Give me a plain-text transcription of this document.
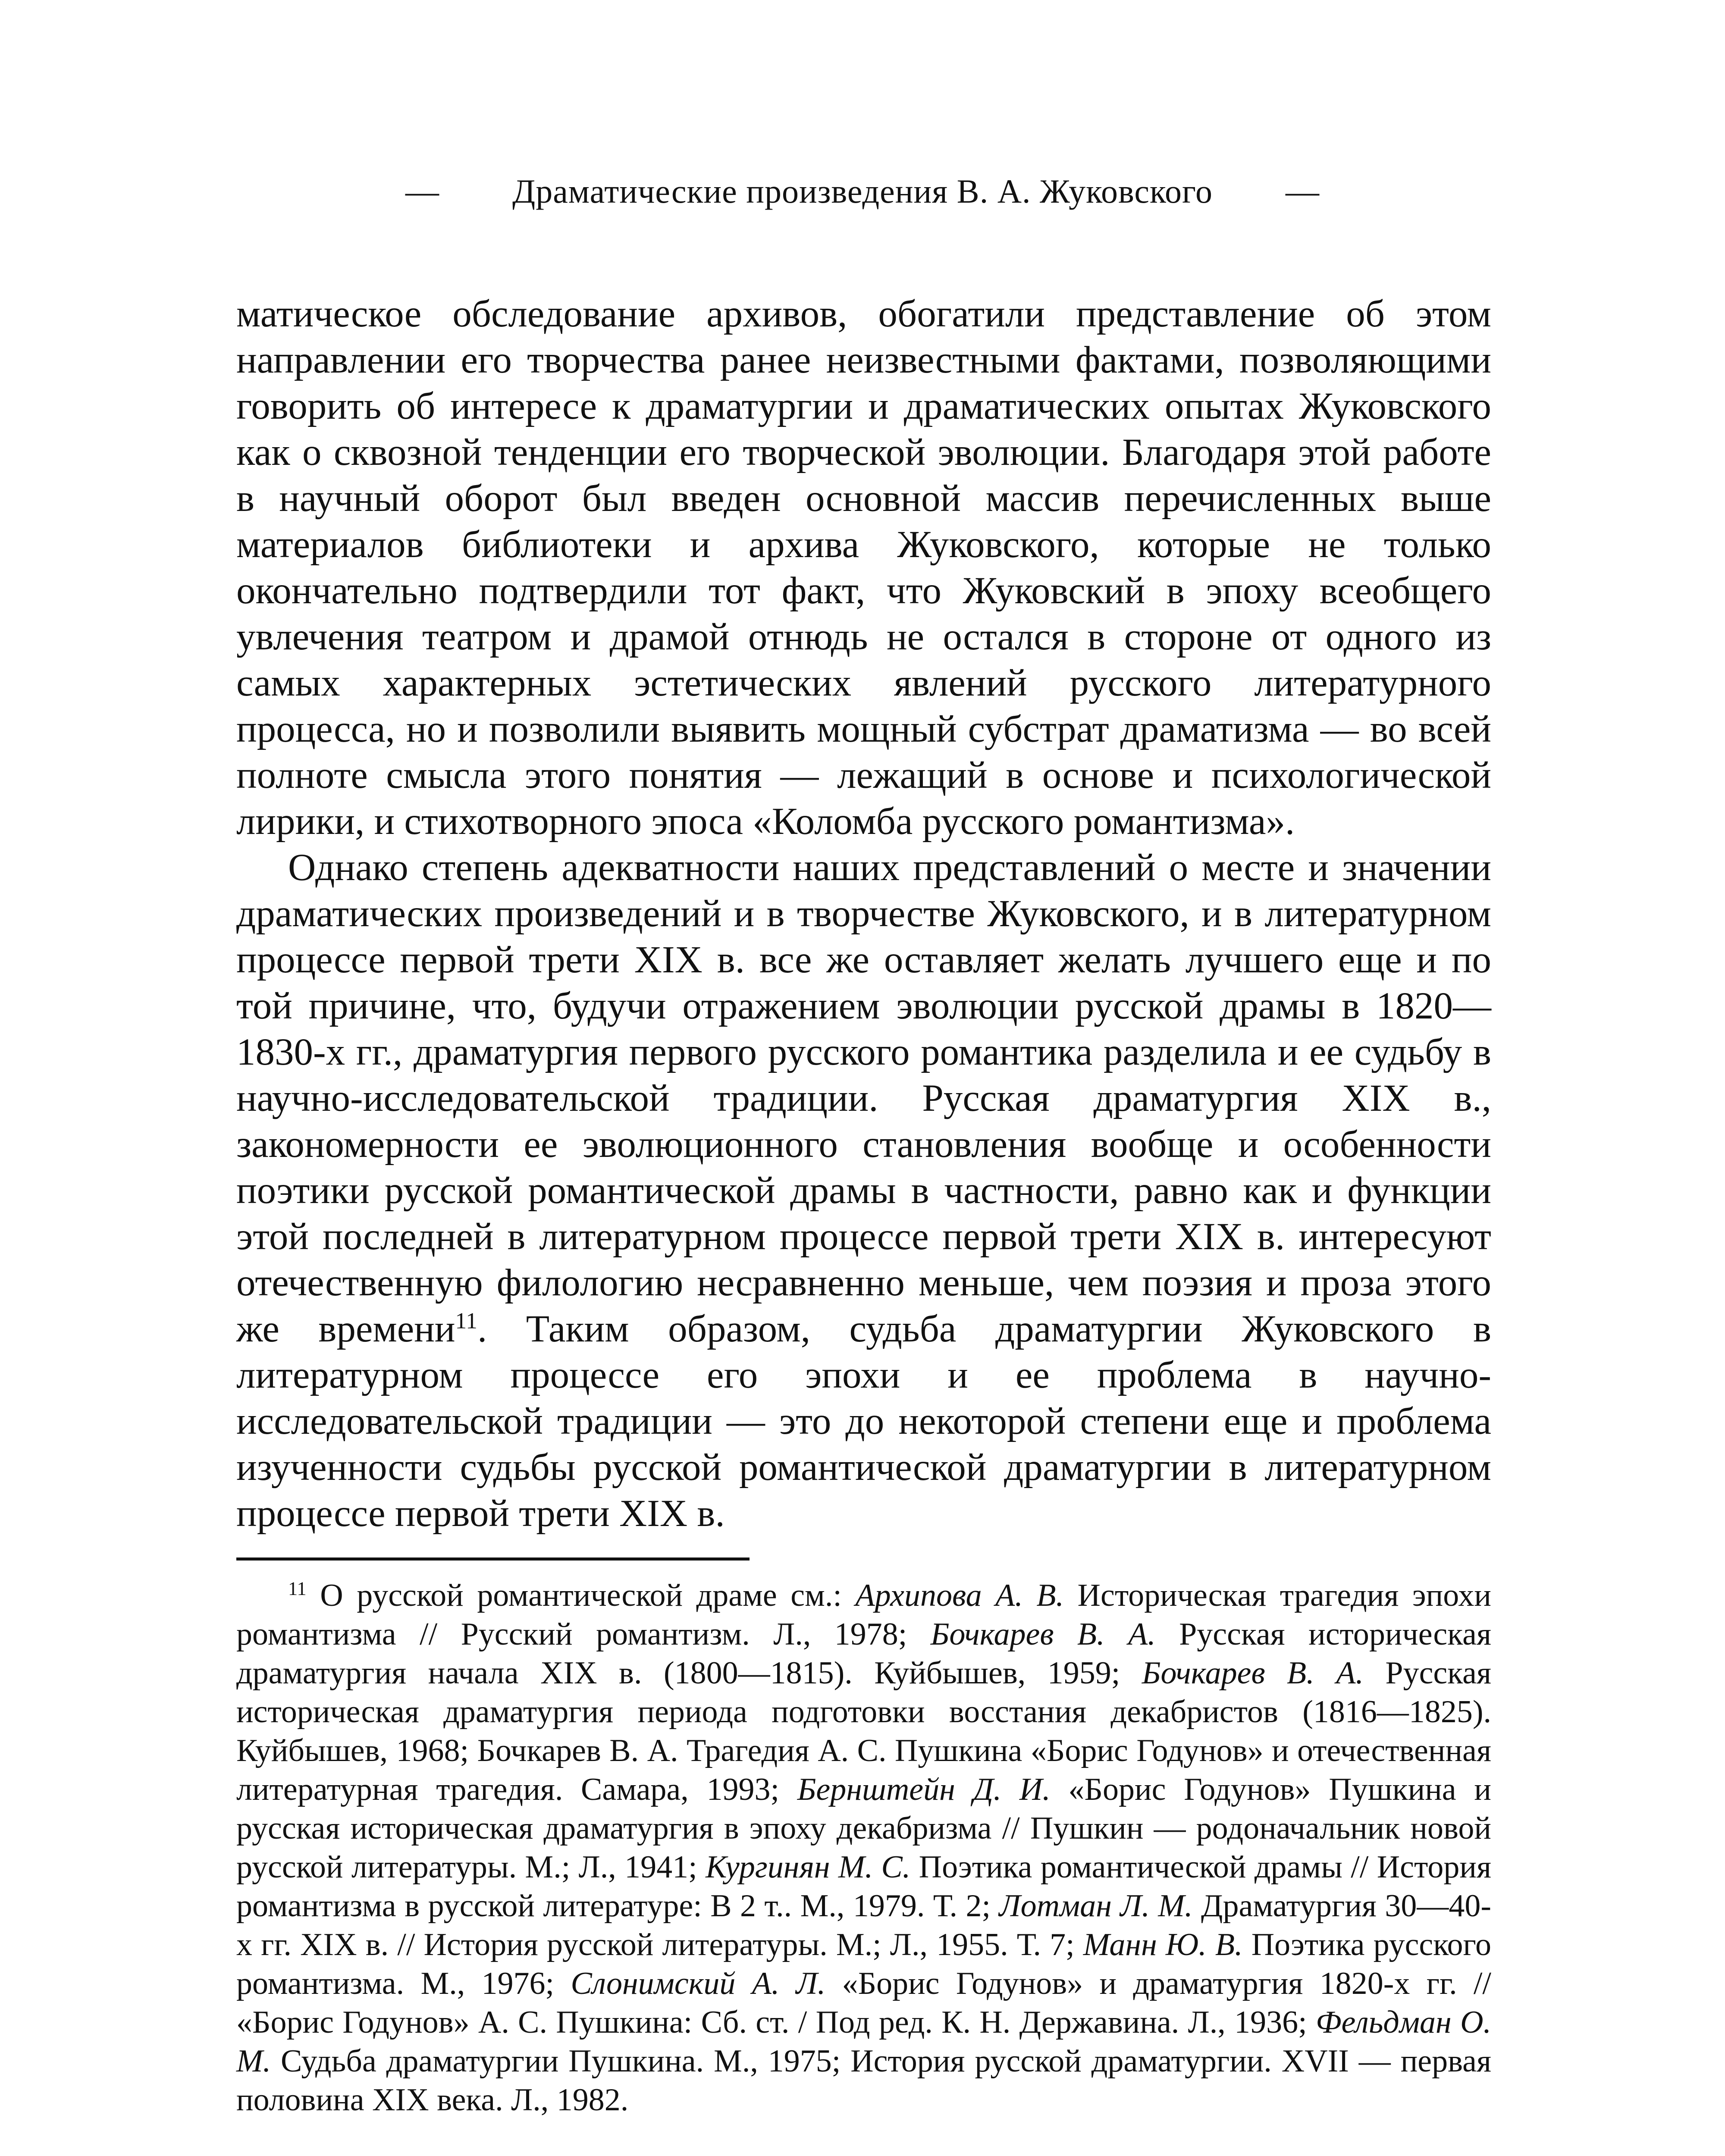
— Драматические произведения В. А. Жуковского —

матическое обследование архивов, обогатили представление об этом направлении его творчества ранее неизвестными фактами, позволяющими говорить об интересе к драматургии и драматических опытах Жуковского как о сквозной тенденции его творческой эволюции. Благодаря этой работе в научный оборот был введен основной массив перечисленных выше материалов библиотеки и архива Жуковского, которые не только окончательно подтвердили тот факт, что Жуковский в эпоху всеобщего увлечения театром и драмой отнюдь не остался в стороне от одного из самых характерных эстетических явлений русского литературного процесса, но и позволили выявить мощный субстрат драматизма — во всей полноте смысла этого понятия — лежащий в основе и психологической лирики, и стихотворного эпоса «Коломба русского романтизма».

Однако степень адекватности наших представлений о месте и значении драматических произведений и в творчестве Жуковского, и в литературном процессе первой трети XIX в. все же оставляет желать лучшего еще и по той причине, что, будучи отражением эволюции русской драмы в 1820—1830-х гг., драматургия первого русского романтика разделила и ее судьбу в научно-исследовательской традиции. Русская драматургия XIX в., закономерности ее эволюционного становления вообще и особенности поэтики русской романтической драмы в частности, равно как и функции этой последней в литературном процессе первой трети XIX в. интересуют отечественную филологию несравненно меньше, чем поэзия и проза этого же времени$^{11}$. Таким образом, судьба драматургии Жуковского в литературном процессе его эпохи и ее проблема в научно-исследовательской традиции — это до некоторой степени еще и проблема изученности судьбы русской романтической драматургии в литературном процессе первой трети XIX в.

$^{11}$ О русской романтической драме см.: Архипова А. В. Историческая трагедия эпохи романтизма // Русский романтизм. Л., 1978; Бочкарев В. А. Русская историческая драматургия начала XIX в. (1800—1815). Куйбышев, 1959; Бочкарев В. А. Русская историческая драматургия периода подготовки восстания декабристов (1816—1825). Куйбышев, 1968; Бочкарев В. А. Трагедия А. С. Пушкина «Борис Годунов» и отечественная литературная трагедия. Самара, 1993; Бернштейн Д. И. «Борис Годунов» Пушкина и русская историческая драматургия в эпоху декабризма // Пушкин — родоначальник новой русской литературы. М.; Л., 1941; Кургинян М. С. Поэтика романтической драмы // История романтизма в русской литературе: В 2 т.. М., 1979. Т. 2; Лотман Л. М. Драматургия 30—40-х гг. XIX в. // История русской литературы. М.; Л., 1955. Т. 7; Манн Ю. В. Поэтика русского романтизма. М., 1976; Слонимский А. Л. «Борис Годунов» и драматургия 1820-х гг. // «Борис Годунов» А. С. Пушкина: Сб. ст. / Под ред. К. Н. Державина. Л., 1936; Фельдман О. М. Судьба драматургии Пушкина. М., 1975; История русской драматургии. XVII — первая половина XIX века. Л., 1982.
